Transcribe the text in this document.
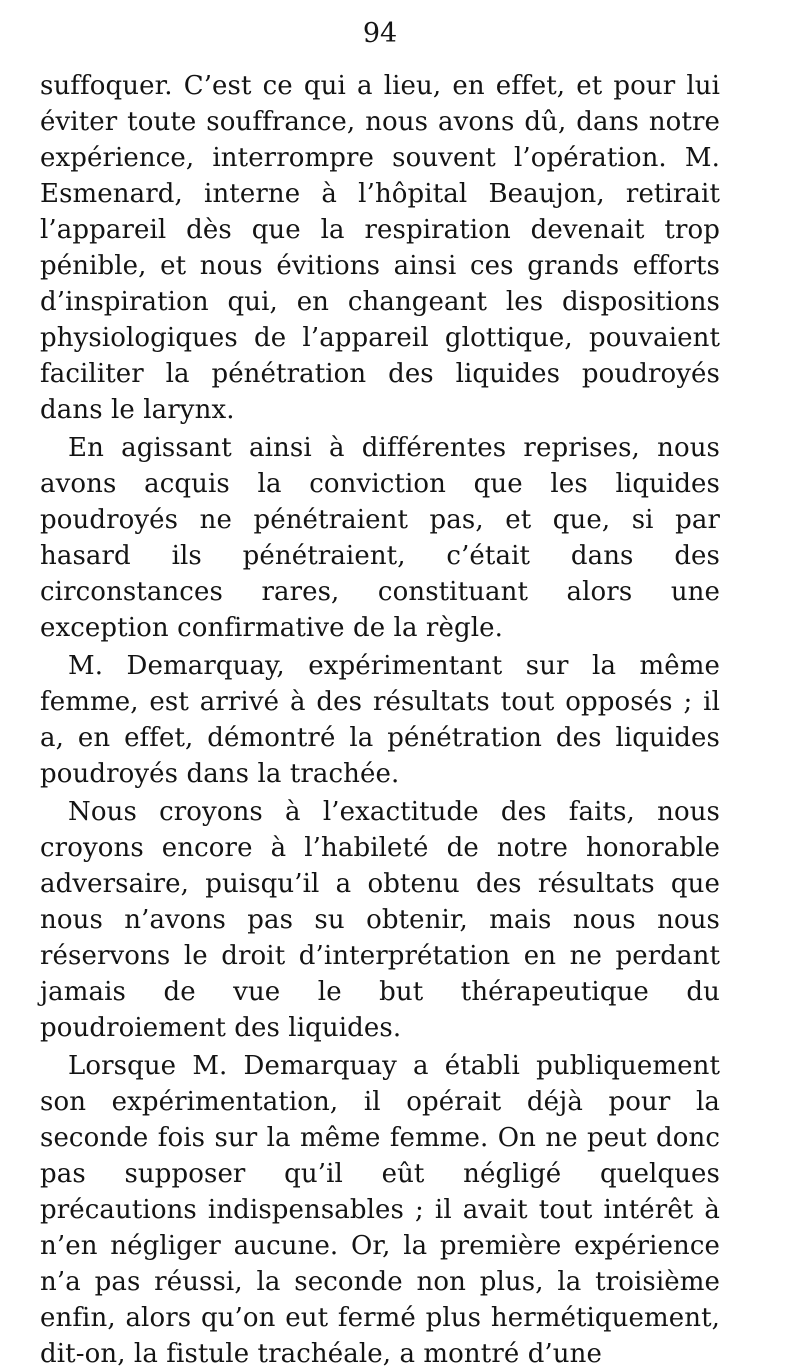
94

suffoquer. C’est ce qui a lieu, en effet, et pour lui éviter toute souffrance, nous avons dû, dans notre expérience, interrompre souvent l’opération. M. Esmenard, interne à l’hôpital Beaujon, retirait l’appareil dès que la respiration devenait trop pénible, et nous évitions ainsi ces grands efforts d’inspiration qui, en changeant les dispositions physiologiques de l’appareil glottique, pouvaient faciliter la pénétration des liquides poudroyés dans le larynx.

En agissant ainsi à différentes reprises, nous avons acquis la conviction que les liquides poudroyés ne pénétraient pas, et que, si par hasard ils pénétraient, c’était dans des circonstances rares, constituant alors une exception confirmative de la règle.

M. Demarquay, expérimentant sur la même femme, est arrivé à des résultats tout opposés ; il a, en effet, démontré la pénétration des liquides poudroyés dans la trachée.

Nous croyons à l’exactitude des faits, nous croyons encore à l’habileté de notre honorable adversaire, puisqu’il a obtenu des résultats que nous n’avons pas su obtenir, mais nous nous réservons le droit d’interprétation en ne perdant jamais de vue le but thérapeutique du poudroiement des liquides.

Lorsque M. Demarquay a établi publiquement son expérimentation, il opérait déjà pour la seconde fois sur la même femme. On ne peut donc pas supposer qu’il eût négligé quelques précautions indispensables ; il avait tout intérêt à n’en négliger aucune. Or, la première expérience n’a pas réussi, la seconde non plus, la troisième enfin, alors qu’on eut fermé plus hermétiquement, dit-on, la fistule trachéale, a montré d’une
